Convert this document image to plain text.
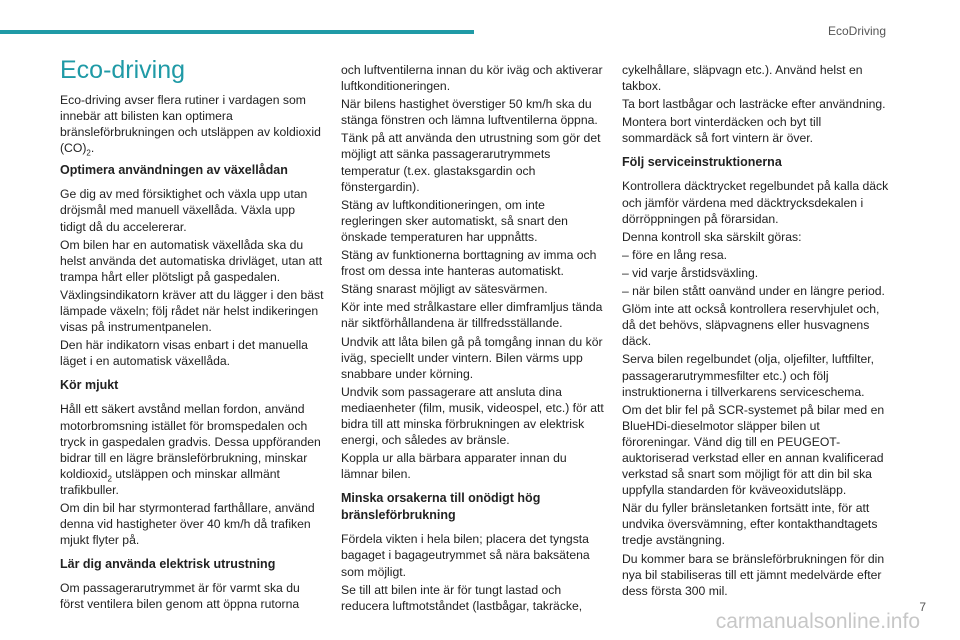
EcoDriving
Eco-driving

Eco-driving avser flera rutiner i vardagen som innebär att bilisten kan optimera bränsleförbrukningen och utsläppen av koldioxid $(CO)_2$.

Optimera användningen av växellådan

Ge dig av med försiktighet och växla upp utan dröjsmål med manuell växellåda. Växla upp tidigt då du accelererar.

Om bilen har en automatisk växellåda ska du helst använda det automatiska drivläget, utan att trampa hårt eller plötsligt på gaspedalen.

Växlingsindikatorn kräver att du lägger i den bäst lämpade växeln; följ rådet när helst indikeringen visas på instrumentpanelen.

Den här indikatorn visas enbart i det manuella läget i en automatisk växellåda.

Kör mjukt

Håll ett säkert avstånd mellan fordon, använd motorbromsning istället för bromspedalen och tryck in gaspedalen gradvis. Dessa uppföranden bidrar till en lägre bränsleförbrukning, minskar koldioxid$_2$ utsläppen och minskar allmänt trafikbuller.

Om din bil har styrmonterad farthållare, använd denna vid hastigheter över 40 km/h då trafiken mjukt flyter på.

Lär dig använda elektrisk utrustning

Om passagerarutrymmet är för varmt ska du först ventilera bilen genom att öppna rutorna

och luftventilerna innan du kör iväg och aktiverar luftkonditioneringen.

När bilens hastighet överstiger 50 km/h ska du stänga fönstren och lämna luftventilerna öppna.

Tänk på att använda den utrustning som gör det möjligt att sänka passagerarutrymmets temperatur (t.ex. glastaksgardin och fönstergardin).

Stäng av luftkonditioneringen, om inte regleringen sker automatiskt, så snart den önskade temperaturen har uppnåtts.

Stäng av funktionerna borttagning av imma och frost om dessa inte hanteras automatiskt.

Stäng snarast möjligt av sätesvärmen.

Kör inte med strålkastare eller dimframljus tända när siktförhållandena är tillfredsställande.

Undvik att låta bilen gå på tomgång innan du kör iväg, speciellt under vintern. Bilen värms upp snabbare under körning.

Undvik som passagerare att ansluta dina mediaenheter (film, musik, videospel, etc.) för att bidra till att minska förbrukningen av elektrisk energi, och således av bränsle.

Koppla ur alla bärbara apparater innan du lämnar bilen.

Minska orsakerna till onödigt hög bränsleförbrukning

Fördela vikten i hela bilen; placera det tyngsta bagaget i bagageutrymmet så nära baksätena som möjligt.

Se till att bilen inte är för tungt lastad och reducera luftmotståndet (lastbågar, takräcke,

cykelhållare, släpvagn etc.). Använd helst en takbox.

Ta bort lastbågar och lasträcke efter användning.

Montera bort vinterdäcken och byt till sommardäck så fort vintern är över.

Följ serviceinstruktionerna

Kontrollera däcktrycket regelbundet på kalla däck och jämför värdena med däcktrycksdekalen i dörröppningen på förarsidan.

Denna kontroll ska särskilt göras:

– före en lång resa.

– vid varje årstidsväxling.

– när bilen stått oanvänd under en längre period.

Glöm inte att också kontrollera reservhjulet och, då det behövs, släpvagnens eller husvagnens däck.

Serva bilen regelbundet (olja, oljefilter, luftfilter, passagerarutrymmesfilter etc.) och följ instruktionerna i tillverkarens serviceschema.

Om det blir fel på SCR-systemet på bilar med en BlueHDi-dieselmotor släpper bilen ut föroreningar. Vänd dig till en PEUGEOT-auktoriserad verkstad eller en annan kvalificerad verkstad så snart som möjligt för att din bil ska uppfylla standarden för kväveoxidutsläpp.

När du fyller bränsletanken fortsätt inte, för att undvika översvämning, efter kontakthandtagets tredje avstängning.

Du kommer bara se bränsleförbrukningen för din nya bil stabiliseras till ett jämnt medelvärde efter dess första 300 mil.

7
carmanualsonline.info
